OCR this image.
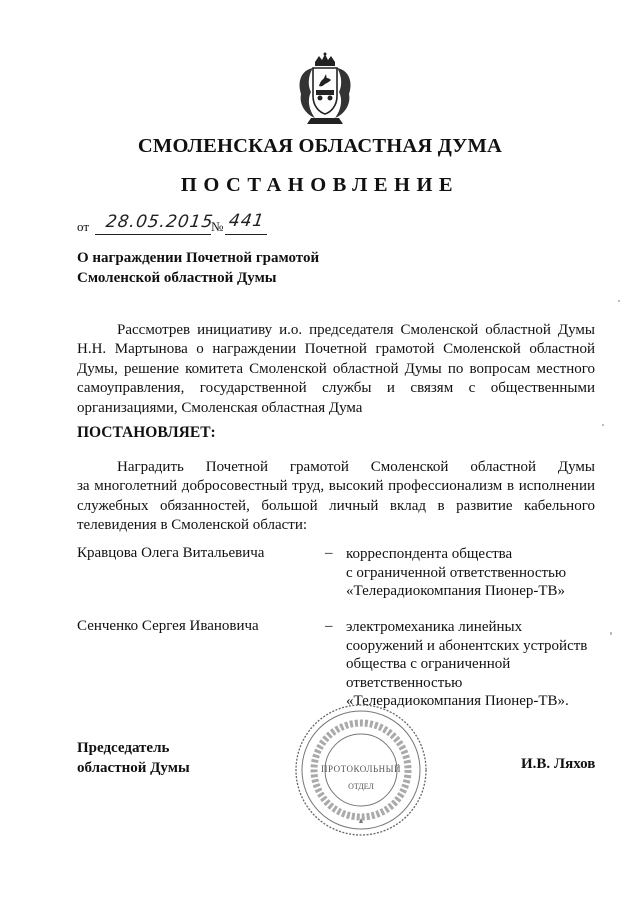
СМОЛЕНСКАЯ ОБЛАСТНАЯ ДУМА
ПОСТАНОВЛЕНИЕ
от 28.05.2015
№ 441
О награждении Почетной грамотой
Смоленской областной Думы
Рассмотрев инициативу и.о. председателя Смоленской областной Думы
Н.Н. Мартынова о награждении Почетной грамотой Смоленской областной
Думы, решение комитета Смоленской областной Думы по вопросам местного
самоуправления, государственной службы и связям с общественными
организациями, Смоленская областная Дума
ПОСТАНОВЛЯЕТ:
Наградить Почетной грамотой Смоленской областной Думы
за многолетний добросовестный труд, высокий профессионализм в исполнении
служебных обязанностей, большой личный вклад в развитие кабельного
телевидения в Смоленской области:
Кравцова Олега Витальевича	– корреспондента общества
с ограниченной ответственностью
«Телерадиокомпания Пионер-ТВ»
Сенченко Сергея Ивановича	– электромеханика линейных
сооружений и абонентских устройств
общества с ограниченной
ответственностью
«Телерадиокомпания Пионер-ТВ».
Председатель
областной Думы	И.В. Ляхов
ПРОТОКОЛЬНЫЙ
ОТДЕЛ
